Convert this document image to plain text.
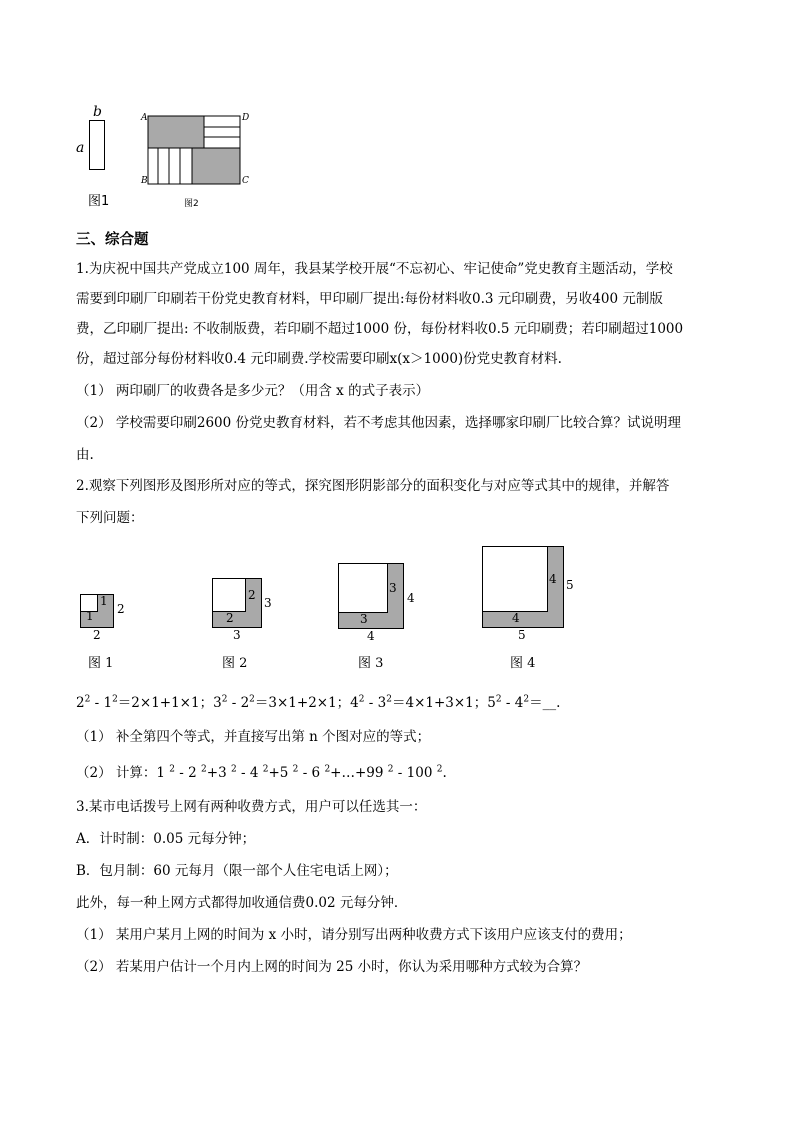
b
a
图1
A	D
B	C
图2
三、综合题
1.为庆祝中国共产党成立100 周年，我县某学校开展“不忘初心、牢记使命”党史教育主题活动，学校
需要到印刷厂印刷若干份党史教育材料，甲印刷厂提出:每份材料收0.3 元印刷费，另收400 元制版
费，乙印刷厂提出: 不收制版费，若印刷不超过1000 份，每份材料收0.5 元印刷费；若印刷超过1000
份，超过部分每份材料收0.4 元印刷费.学校需要印刷x(x＞1000)份党史教育材料.
（1） 两印刷厂的收费各是多少元？（用含 x 的式子表示）
（2） 学校需要印刷2600 份党史教育材料，若不考虑其他因素，选择哪家印刷厂比较合算？试说明理
由.
2.观察下列图形及图形所对应的等式，探究图形阴影部分的面积变化与对应等式其中的规律，并解答
下列问题：
1
1 2
2
图 1
2
2
3
3
图 2
3
3
4
4
图 3
4
4
5
5
图 4
$2^2 - 1^2=2\times 1+1\times 1$；$3^2 - 2^2=3\times 1+2\times 1$；$4^2 - 3^2=4\times 1+3\times 1$；$5^2$ - $4^2=\_\_$.
（1） 补全第四个等式，并直接写出第 n 个图对应的等式；
（2） 计算：1 $^2$ - 2 $^2$+3 $^2$ - 4 $^2$+5 $^2$ - 6 $^2$+…+99 $^2$ - 100 $^2$.
3.某市电话拨号上网有两种收费方式，用户可以任选其一：
A．计时制：0.05 元每分钟；
B．包月制：60 元每月（限一部个人住宅电话上网）；
此外，每一种上网方式都得加收通信费0.02 元每分钟．
（1） 某用户某月上网的时间为 x 小时，请分别写出两种收费方式下该用户应该支付的费用；
（2） 若某用户估计一个月内上网的时间为 25 小时，你认为采用哪种方式较为合算？
